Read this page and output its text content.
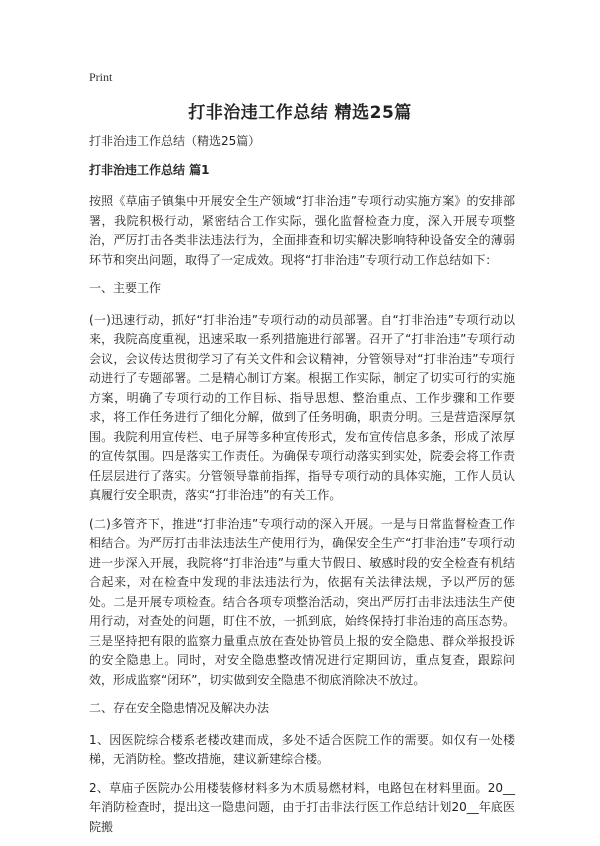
Print
打非治违工作总结 精选25篇

打非治违工作总结（精选25篇）

打非治违工作总结 篇1

按照《草庙子镇集中开展安全生产领域“打非治违”专项行动实施方案》的安排部署，我院积极行动，紧密结合工作实际，强化监督检查力度，深入开展专项整治，严厉打击各类非法违法行为，全面排查和切实解决影响特种设备安全的薄弱环节和突出问题，取得了一定成效。现将“打非治违”专项行动工作总结如下：

一、主要工作

(一)迅速行动，抓好“打非治违”专项行动的动员部署。自“打非治违”专项行动以来，我院高度重视，迅速采取一系列措施进行部署。召开了“打非治违”专项行动会议，会议传达贯彻学习了有关文件和会议精神，分管领导对“打非治违”专项行动进行了专题部署。二是精心制订方案。根据工作实际，制定了切实可行的实施方案，明确了专项行动的工作目标、指导思想、整治重点、工作步骤和工作要求，将工作任务进行了细化分解，做到了任务明确，职责分明。三是营造深厚氛围。我院利用宣传栏、电子屏等多种宣传形式，发布宣传信息多条，形成了浓厚的宣传氛围。四是落实工作责任。为确保专项行动落实到实处，院委会将工作责任层层进行了落实。分管领导靠前指挥，指导专项行动的具体实施，工作人员认真履行安全职责，落实“打非治违”的有关工作。

(二)多管齐下，推进“打非治违”专项行动的深入开展。一是与日常监督检查工作相结合。为严厉打击非法违法生产使用行为，确保安全生产“打非治违”专项行动进一步深入开展，我院将“打非治违”与重大节假日、敏感时段的安全检查有机结合起来，对在检查中发现的非法违法行为，依据有关法律法规，予以严厉的惩处。二是开展专项检查。结合各项专项整治活动，突出严厉打击非法违法生产使用行动，对查处的问题，盯住不放，一抓到底，始终保持打非治违的高压态势。三是坚持把有限的监察力量重点放在查处协管员上报的安全隐患、群众举报投诉的安全隐患上。同时，对安全隐患整改情况进行定期回访，重点复查，跟踪问效，形成监察“闭环”，切实做到安全隐患不彻底消除决不放过。

二、存在安全隐患情况及解决办法

1、因医院综合楼系老楼改建而成，多处不适合医院工作的需要。如仅有一处楼梯，无消防栓。整改措施，建议新建综合楼。

2、草庙子医院办公用楼装修材料多为木质易燃材料，电路包在材料里面。20__年消防检查时，提出这一隐患问题，由于打击非法行医工作总结计划20__年底医院搬
